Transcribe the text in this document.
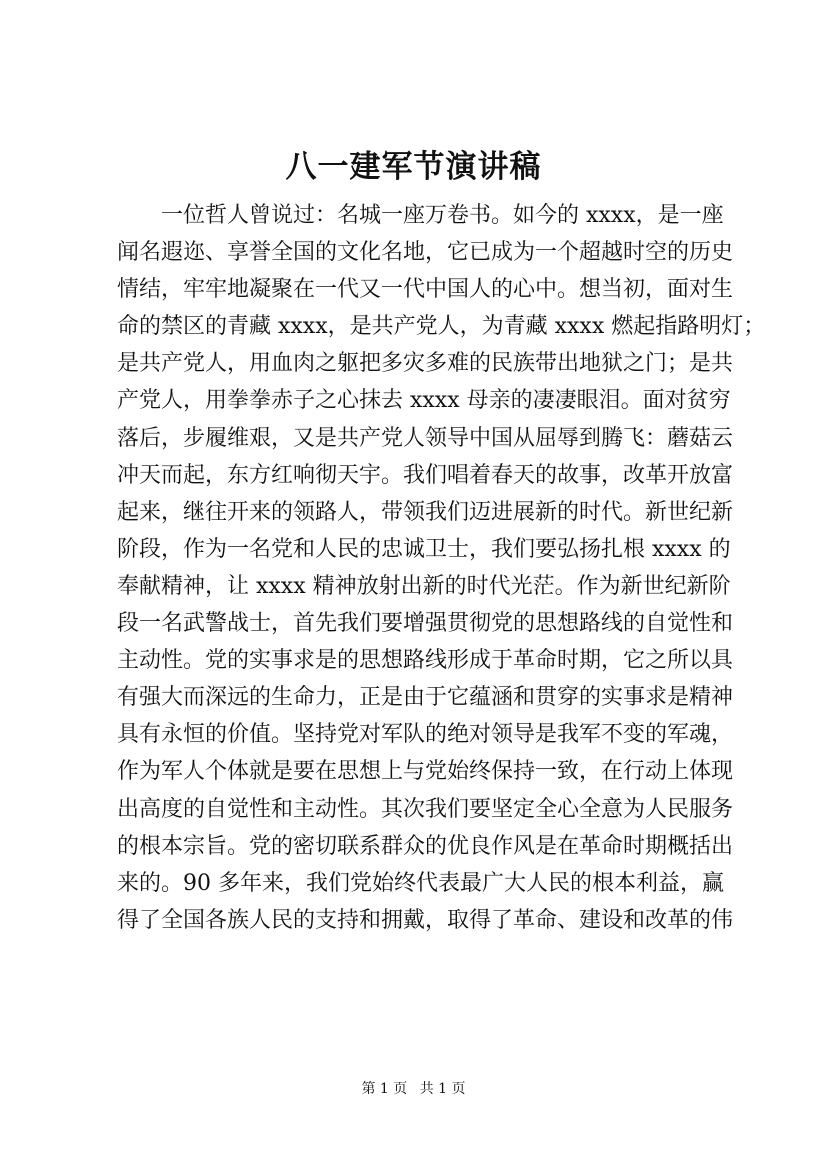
八一建军节演讲稿
一位哲人曾说过：名城一座万卷书。如今的 xxxx，是一座
闻名遐迩、享誉全国的文化名地，它已成为一个超越时空的历史
情结，牢牢地凝聚在一代又一代中国人的心中。想当初，面对生
命的禁区的青藏 xxxx，是共产党人，为青藏 xxxx 燃起指路明灯；
是共产党人，用血肉之躯把多灾多难的民族带出地狱之门；是共
产党人，用拳拳赤子之心抹去 xxxx 母亲的凄凄眼泪。面对贫穷
落后，步履维艰，又是共产党人领导中国从屈辱到腾飞：蘑菇云
冲天而起，东方红响彻天宇。我们唱着春天的故事，改革开放富
起来，继往开来的领路人，带领我们迈进展新的时代。新世纪新
阶段，作为一名党和人民的忠诚卫士，我们要弘扬扎根 xxxx 的
奉献精神，让 xxxx 精神放射出新的时代光茫。作为新世纪新阶
段一名武警战士，首先我们要增强贯彻党的思想路线的自觉性和
主动性。党的实事求是的思想路线形成于革命时期，它之所以具
有强大而深远的生命力，正是由于它蕴涵和贯穿的实事求是精神
具有永恒的价值。坚持党对军队的绝对领导是我军不变的军魂，
作为军人个体就是要在思想上与党始终保持一致，在行动上体现
出高度的自觉性和主动性。其次我们要坚定全心全意为人民服务
的根本宗旨。党的密切联系群众的优良作风是在革命时期概括出
来的。90 多年来，我们党始终代表最广大人民的根本利益，赢
得了全国各族人民的支持和拥戴，取得了革命、建设和改革的伟
第 1 页 共 1 页
